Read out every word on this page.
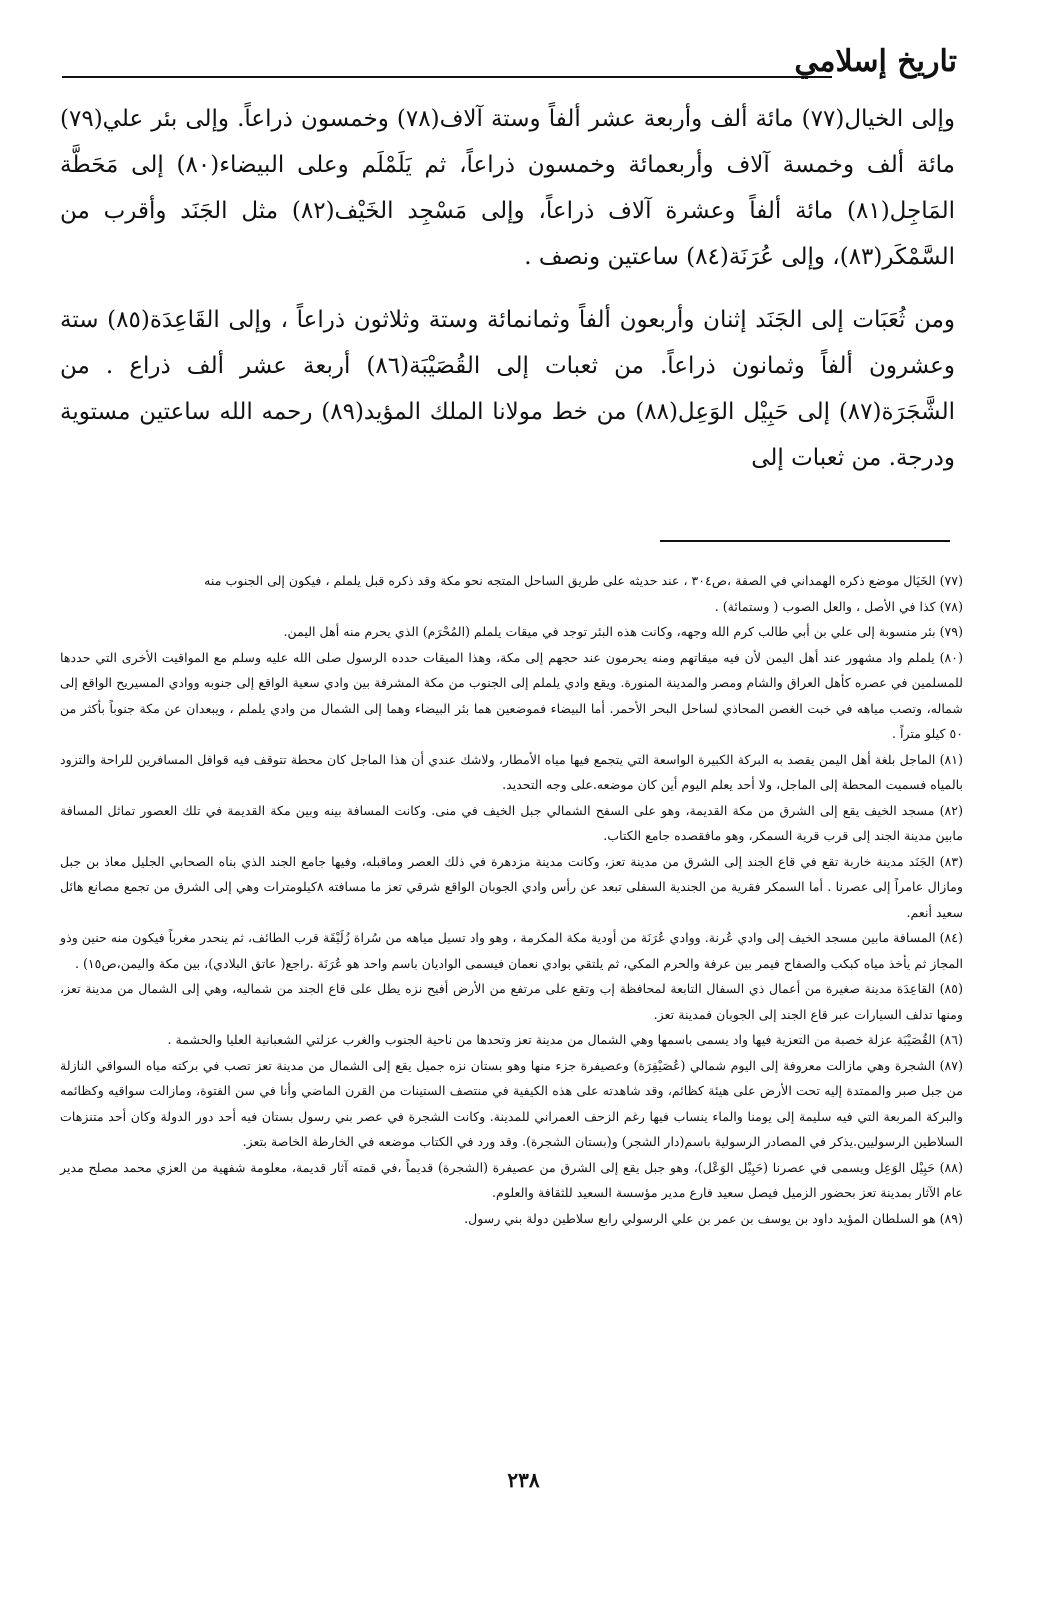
تاريخ إسلامي

وإلى الخيال(٧٧) مائة ألف وأربعة عشر ألفاً وستة آلاف(٧٨) وخمسون ذراعاً. وإلى بئر علي(٧٩) مائة ألف وخمسة آلاف وأربعمائة وخمسون ذراعاً، ثم يَلَمْلَم وعلى البيضاء(٨٠) إلى مَحَطَّة المَاجِل(٨١) مائة ألفاً وعشرة آلاف ذراعاً، وإلى مَسْجِد الخَيْف(٨٢) مثل الجَنَد وأقرب من السَّمْكَر(٨٣)، وإلى عُرَنَة(٨٤) ساعتين ونصف .

ومن ثُعَبَات إلى الجَنَد إثنان وأربعون ألفاً وثمانمائة وستة وثلاثون ذراعاً ، وإلى القَاعِدَة(٨٥) ستة وعشرون ألفاً وثمانون ذراعاً. من ثعبات إلى القُصَيْبَة(٨٦) أربعة عشر ألف ذراع . من الشَّجَرَة(٨٧) إلى حَبِيْل الوَعِل(٨٨) من خط مولانا الملك المؤيد(٨٩) رحمه الله ساعتين مستوية ودرجة. من ثعبات إلى

(٧٧) الخَيَال موضع ذكره الهمداني في الصفة ،ص٣٠٤ ، عند حديثه على طريق الساحل المتجه نحو مكة وقد ذكره قبل يلملم ، فيكون إلى الجنوب منه

(٧٨) كذا في الأصل ، والعل الصوب ( وستمائة) .

(٧٩) بئر منسوبة إلى علي بن أبي طالب كرم الله وجهه، وكانت هذه البئر توجد في ميقات يلملم (المُحْرَم) الذي يحرم منه أهل اليمن.

(٨٠) يلملم واد مشهور عند أهل اليمن لأن فيه ميقاتهم ومنه يحرمون عند حجهم إلى مكة، وهذا الميقات حدده الرسول صلى الله عليه وسلم مع المواقيت الأخرى التي حددها للمسلمين في عصره كأهل العراق والشام ومصر والمدينة المنورة. ويقع وادي يلملم إلى الجنوب من مكة المشرفة بين وادي سعية الواقع إلى جنوبه ووادي المسيريح الواقع إلى شماله، وتصب مياهه في خبت الغصن المحاذي لساحل البحر الأحمر. أما البيضاء فموضعين هما بئر البيضاء وهما إلى الشمال من وادي يلملم ، ويبعدان عن مكة جنوباً بأكثر من ٥٠ كيلو متراً .

(٨١) الماجل بلغة أهل اليمن يقصد به البركة الكبيرة الواسعة التي يتجمع فيها مياه الأمطار، ولاشك عندي أن هذا الماجل كان محطة تتوقف فيه قوافل المسافرين للراحة والتزود بالمياه فسميت المحطة إلى الماجل، ولا أحد يعلم اليوم أين كان موضعه.على وجه التحديد.

(٨٢) مسجد الخيف يقع إلى الشرق من مكة القديمة، وهو على السفح الشمالي جبل الخيف في منى. وكانت المسافة بينه وبين مكة القديمة في تلك العصور تماثل المسافة مابين مدينة الجند إلى قرب قرية السمكر، وهو مافقصده جامع الكتاب.

(٨٣) الجَنَد مدينة خاربة تقع في قاع الجند إلى الشرق من مدينة تعز، وكانت مدينة مزدهرة في ذلك العصر وماقبله، وفيها جامع الجند الذي بناه الصحابي الجليل معاذ بن جبل ومازال عامراً إلى عصرنا . أما السمكر فقرية من الجندية السفلى تبعد عن رأس وادي الجوبان الواقع شرقي تعز ما مسافته ٨كيلومترات وهي إلى الشرق من تجمع مصانع هائل سعيد أنعم.

(٨٤) المسافة مابين مسجد الخيف إلى وادي عُرنة. ووادي عُرَنَة من أودية مكة المكرمة ، وهو واد تسيل مياهه من سُراة زُلَيْقَة قرب الطائف، ثم ينحدر مغرباً فيكون منه حنين وذو المجاز ثم يأخذ مياه كبكب والصفاح فيمر بين عرفة والحرم المكي، ثم يلتقي بوادي نعمان فيسمى الواديان باسم واحد هو عُرَنَة .راجع( عاتق البلادي)، بين مكة واليمن،ص١٥) .

(٨٥) القاعِدَة مدينة صغيرة من أعمال ذي السفال التابعة لمحافظة إب وتقع على مرتفع من الأرض أفيح نزه يطل على قاع الجند من شماليه، وهي إلى الشمال من مدينة تعز، ومنها تدلف السيارات عبر قاع الجند إلى الجوبان فمدينة تعز.

(٨٦) القُصَيْبَة عزلة خصبة من التعزية فيها واد يسمى باسمها وهي الشمال من مدينة تعز وتحدها من ناحية الجنوب والغرب عزلتي الشعبانية العليا والحشمة .

(٨٧) الشجرة وهي مازالت معروفة إلى اليوم شمالي (عُصَيْفِرَة) وعصيفرة جزء منها وهو بستان نزه جميل يقع إلى الشمال من مدينة تعز تصب في بركته مياه السواقي النازلة من جبل صبر والممتدة إليه تحت الأرض على هيئة كظائم، وقد شاهدته على هذه الكيفية في منتصف الستينات من القرن الماضي وأنا في سن الفتوة، ومازالت سواقيه وكظائمه والبركة المربعة التي فيه سليمة إلى يومنا والماء ينساب فيها رغم الزحف العمراني للمدينة. وكانت الشجرة في عصر بني رسول بستان فيه أحد دور الدولة وكان أحد متنزهات السلاطين الرسوليين.يذكر في المصادر الرسولية باسم(دار الشجر) و(بستان الشجرة). وقد ورد في الكتاب موضعه في الخارطة الخاصة بتعز.

(٨٨) حَبِيْل الوَعِل ويسمى في عصرنا (حَبِيْل الوَعْل)، وهو جبل يقع إلى الشرق من عصيفرة (الشجرة) قديماً ،في قمته آثار قديمة، معلومة شفهية من العزي محمد مصلح مدير عام الآثار بمدينة تعز بحضور الزميل فيصل سعيد فارع مدير مؤسسة السعيد للثقافة والعلوم.

(٨٩) هو السلطان المؤيد داود بن يوسف بن عمر بن علي الرسولي رابع سلاطين دولة بني رسول.

٢٣٨
